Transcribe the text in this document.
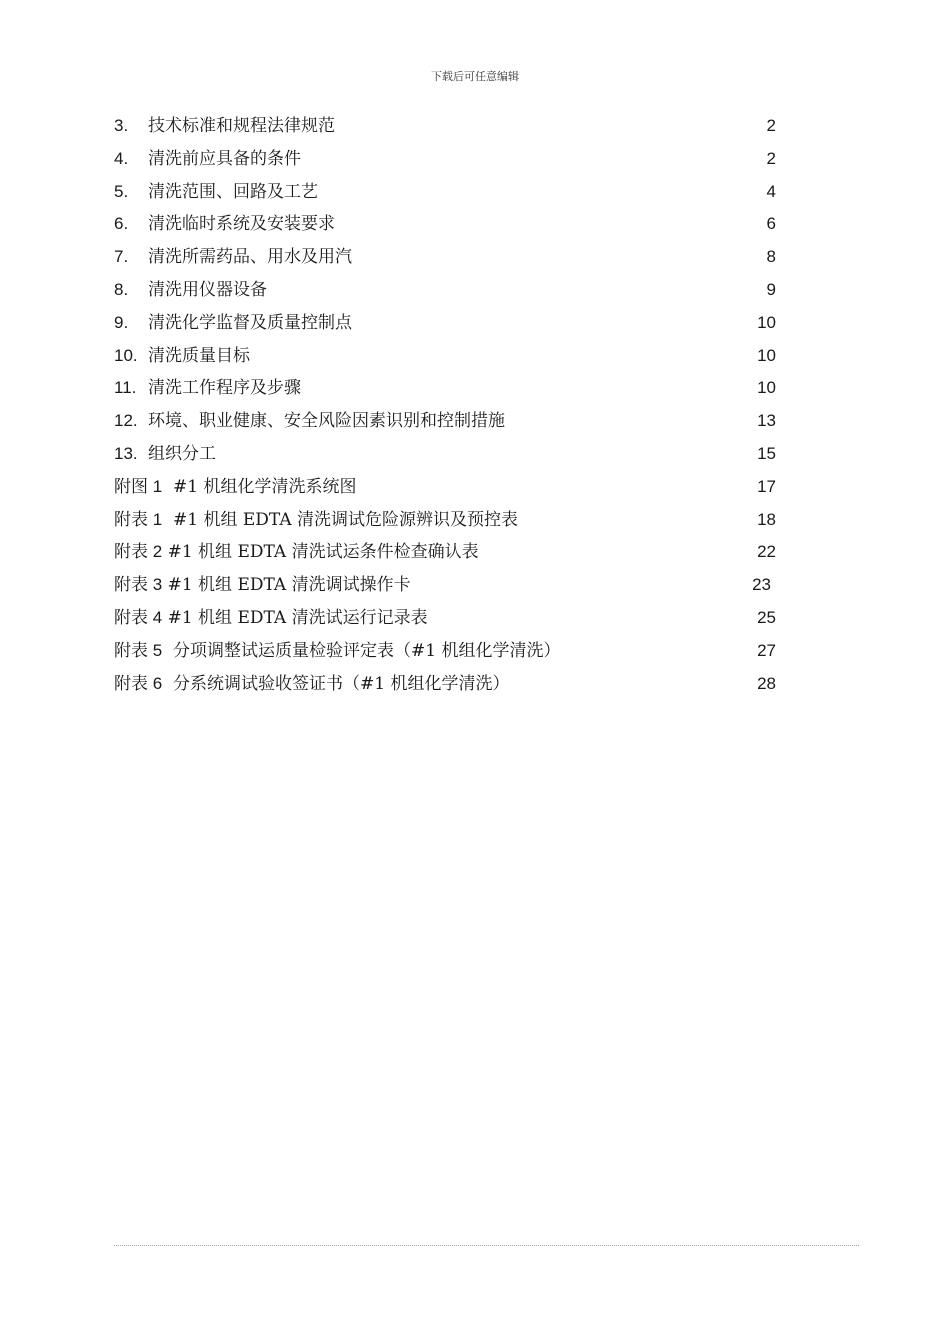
下载后可任意编辑
3. 技术标准和规程法律规范	2
4. 清洗前应具备的条件	2
5. 清洗范围、回路及工艺	4
6. 清洗临时系统及安装要求	6
7. 清洗所需药品、用水及用汽	8
8. 清洗用仪器设备	9
9. 清洗化学监督及质量控制点	10
10. 清洗质量目标	10
11. 清洗工作程序及步骤	10
12. 环境、职业健康、安全风险因素识别和控制措施	13
13. 组织分工	15
附图 1 #1 机组化学清洗系统图	17
附表 1 #1 机组 EDTA 清洗调试危险源辨识及预控表	18
附表 2 #1 机组 EDTA 清洗试运条件检查确认表	22
附表 3 #1 机组 EDTA 清洗调试操作卡	23
附表 4 #1 机组 EDTA 清洗试运行记录表	25
附表 5 分项调整试运质量检验评定表（#1 机组化学清洗）	27
附表 6 分系统调试验收签证书（#1 机组化学清洗）	28
